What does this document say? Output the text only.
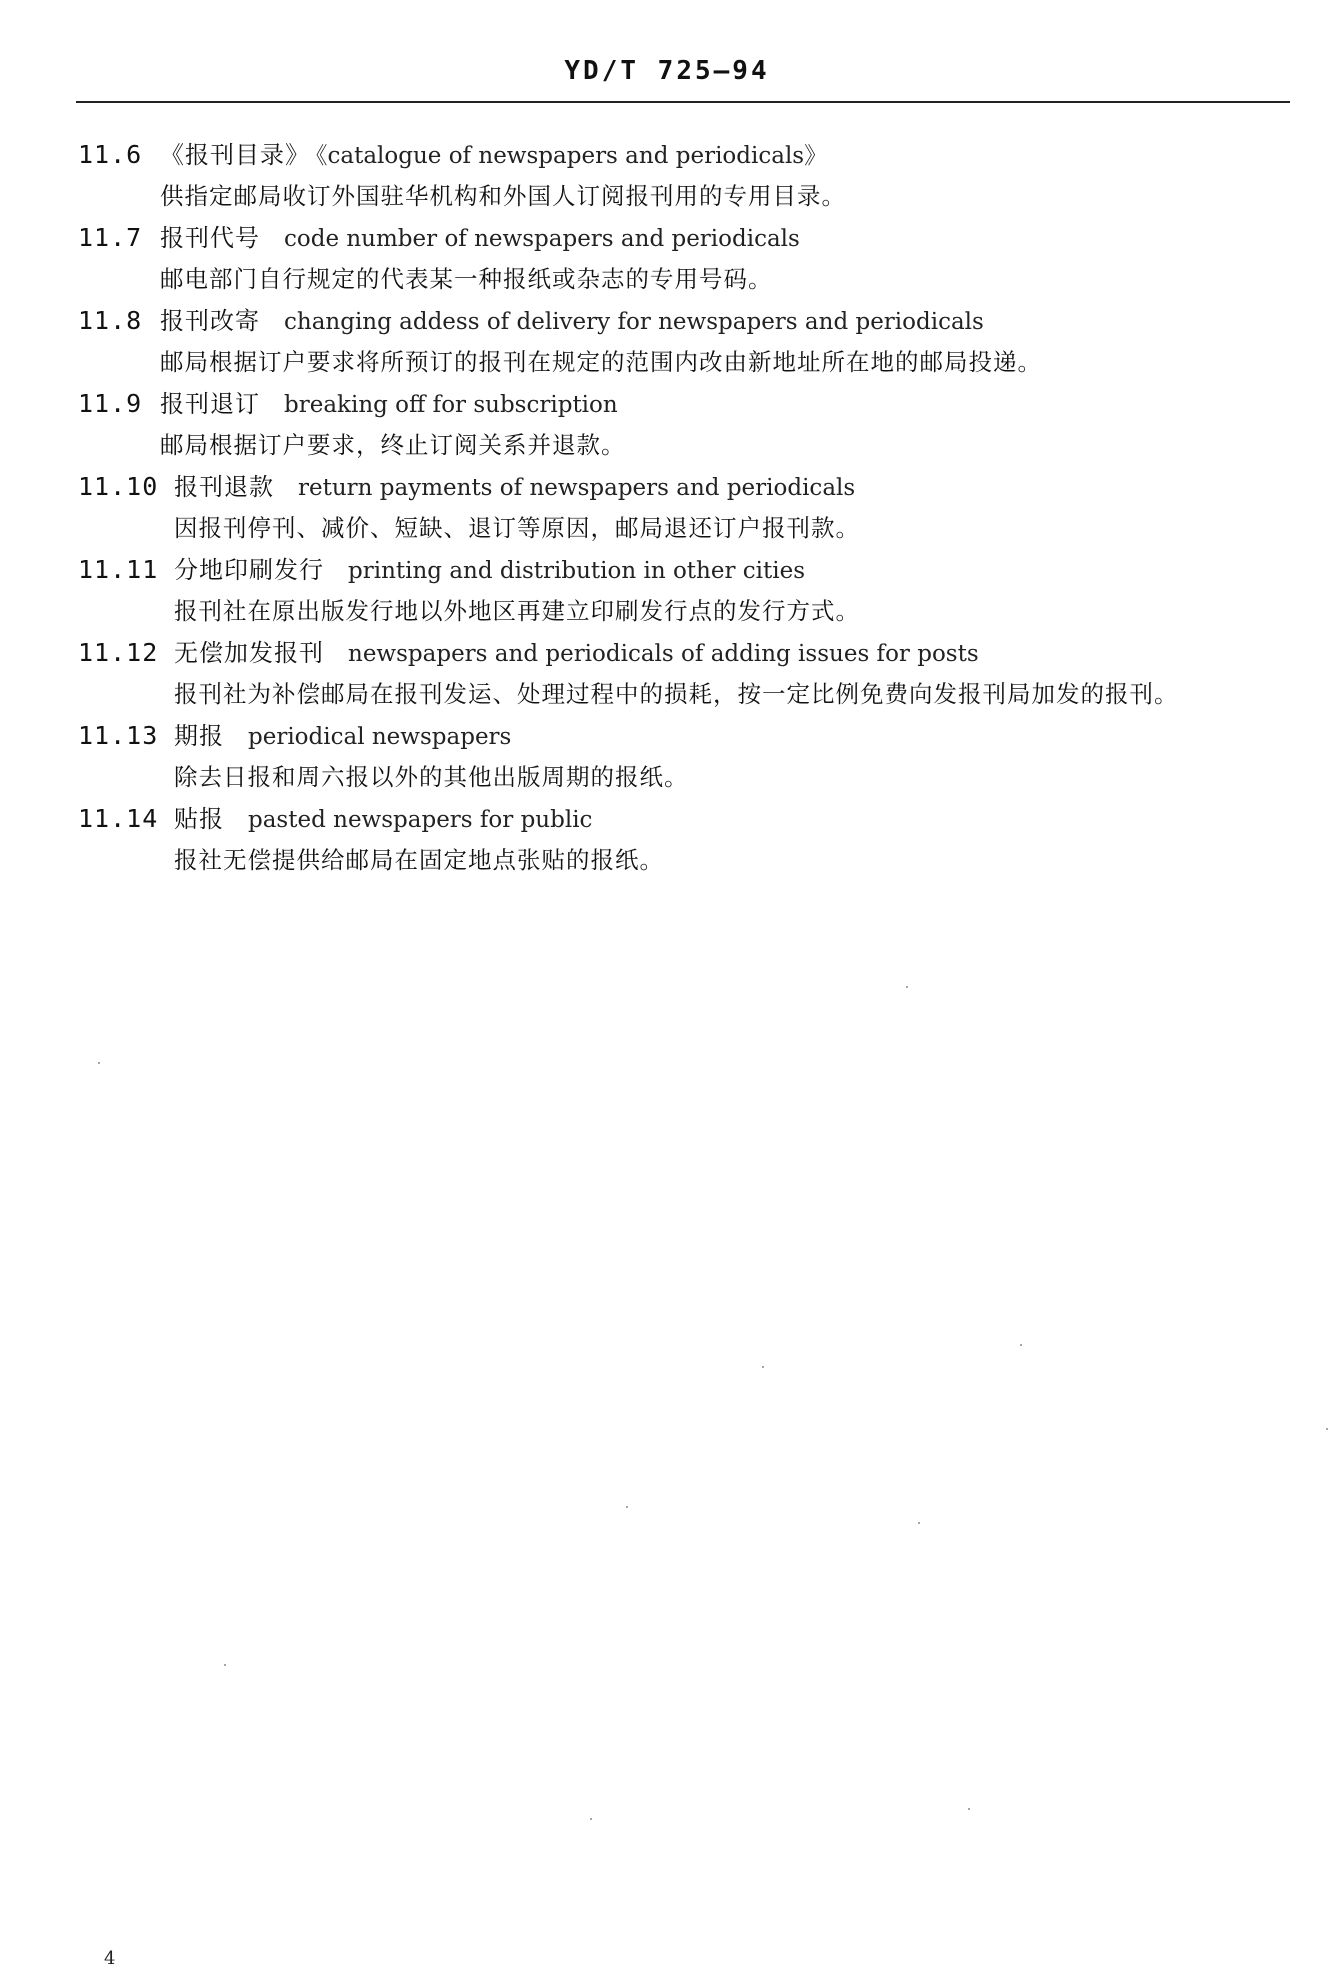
YD/T 725—94
11.6 《报刊目录》 《catalogue of newspapers and periodicals》
供指定邮局收订外国驻华机构和外国人订阅报刊用的专用目录。
11.7 报刊代号 code number of newspapers and periodicals
邮电部门自行规定的代表某一种报纸或杂志的专用号码。
11.8 报刊改寄 changing addess of delivery for newspapers and periodicals
邮局根据订户要求将所预订的报刊在规定的范围内改由新地址所在地的邮局投递。
11.9 报刊退订 breaking off for subscription
邮局根据订户要求，终止订阅关系并退款。
11.10 报刊退款 return payments of newspapers and periodicals
因报刊停刊、减价、短缺、退订等原因，邮局退还订户报刊款。
11.11 分地印刷发行 printing and distribution in other cities
报刊社在原出版发行地以外地区再建立印刷发行点的发行方式。
11.12 无偿加发报刊 newspapers and periodicals of adding issues for posts
报刊社为补偿邮局在报刊发运、处理过程中的损耗，按一定比例免费向发报刊局加发的报刊。
11.13 期报 periodical newspapers
除去日报和周六报以外的其他出版周期的报纸。
11.14 贴报 pasted newspapers for public
报社无偿提供给邮局在固定地点张贴的报纸。
4
